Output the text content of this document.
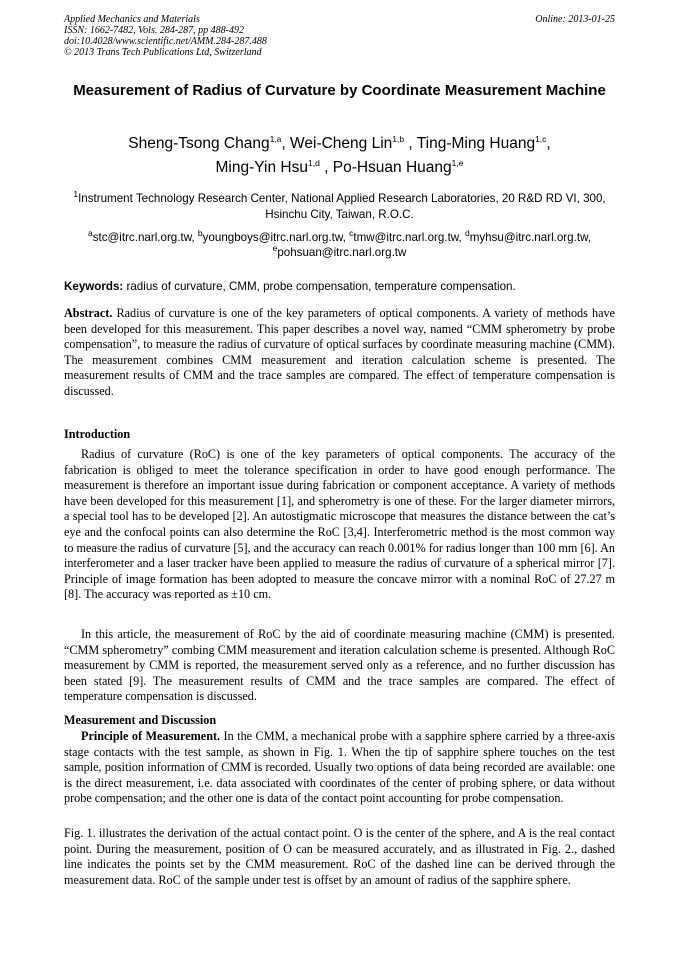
Applied Mechanics and Materials
ISSN: 1662-7482, Vols. 284-287, pp 488-492
doi:10.4028/www.scientific.net/AMM.284-287.488
© 2013 Trans Tech Publications Ltd, Switzerland
Online: 2013-01-25
Measurement of Radius of Curvature by Coordinate Measurement Machine
Sheng-Tsong Chang$^{1,a}$, Wei-Cheng Lin$^{1,b}$ , Ting-Ming Huang$^{1,c}$,
Ming-Yin Hsu$^{1,d}$ , Po-Hsuan Huang$^{1,e}$
$^1$Instrument Technology Research Center, National Applied Research Laboratories, 20 R&D RD VI, 300, Hsinchu City, Taiwan, R.O.C.
$^a$stc@itrc.narl.org.tw, $^b$youngboys@itrc.narl.org.tw, $^c$tmw@itrc.narl.org.tw, $^d$myhsu@itrc.narl.org.tw,
$^e$pohsuan@itrc.narl.org.tw
Keywords: radius of curvature, CMM, probe compensation, temperature compensation.

Abstract. Radius of curvature is one of the key parameters of optical components. A variety of methods have been developed for this measurement. This paper describes a novel way, named “CMM spherometry by probe compensation”, to measure the radius of curvature of optical surfaces by coordinate measuring machine (CMM). The measurement combines CMM measurement and iteration calculation scheme is presented. The measurement results of CMM and the trace samples are compared. The effect of temperature compensation is discussed.

Introduction

Radius of curvature (RoC) is one of the key parameters of optical components. The accuracy of the fabrication is obliged to meet the tolerance specification in order to have good enough performance. The measurement is therefore an important issue during fabrication or component acceptance. A variety of methods have been developed for this measurement [1], and spherometry is one of these. For the larger diameter mirrors, a special tool has to be developed [2]. An autostigmatic microscope that measures the distance between the cat’s eye and the confocal points can also determine the RoC [3,4]. Interferometric method is the most common way to measure the radius of curvature [5], and the accuracy can reach 0.001% for radius longer than 100 mm [6]. An interferometer and a laser tracker have been applied to measure the radius of curvature of a spherical mirror [7]. Principle of image formation has been adopted to measure the concave mirror with a nominal RoC of 27.27 m [8]. The accuracy was reported as ±10 cm.

In this article, the measurement of RoC by the aid of coordinate measuring machine (CMM) is presented. “CMM spherometry” combing CMM measurement and iteration calculation scheme is presented. Although RoC measurement by CMM is reported, the measurement served only as a reference, and no further discussion has been stated [9]. The measurement results of CMM and the trace samples are compared. The effect of temperature compensation is discussed.

Measurement and Discussion

Principle of Measurement. In the CMM, a mechanical probe with a sapphire sphere carried by a three-axis stage contacts with the test sample, as shown in Fig. 1. When the tip of sapphire sphere touches on the test sample, position information of CMM is recorded. Usually two options of data being recorded are available: one is the direct measurement, i.e. data associated with coordinates of the center of probing sphere, or data without probe compensation; and the other one is data of the contact point accounting for probe compensation.

Fig. 1. illustrates the derivation of the actual contact point. O is the center of the sphere, and A is the real contact point. During the measurement, position of O can be measured accurately, and as illustrated in Fig. 2., dashed line indicates the points set by the CMM measurement. RoC of the dashed line can be derived through the measurement data. RoC of the sample under test is offset by an amount of radius of the sapphire sphere.
